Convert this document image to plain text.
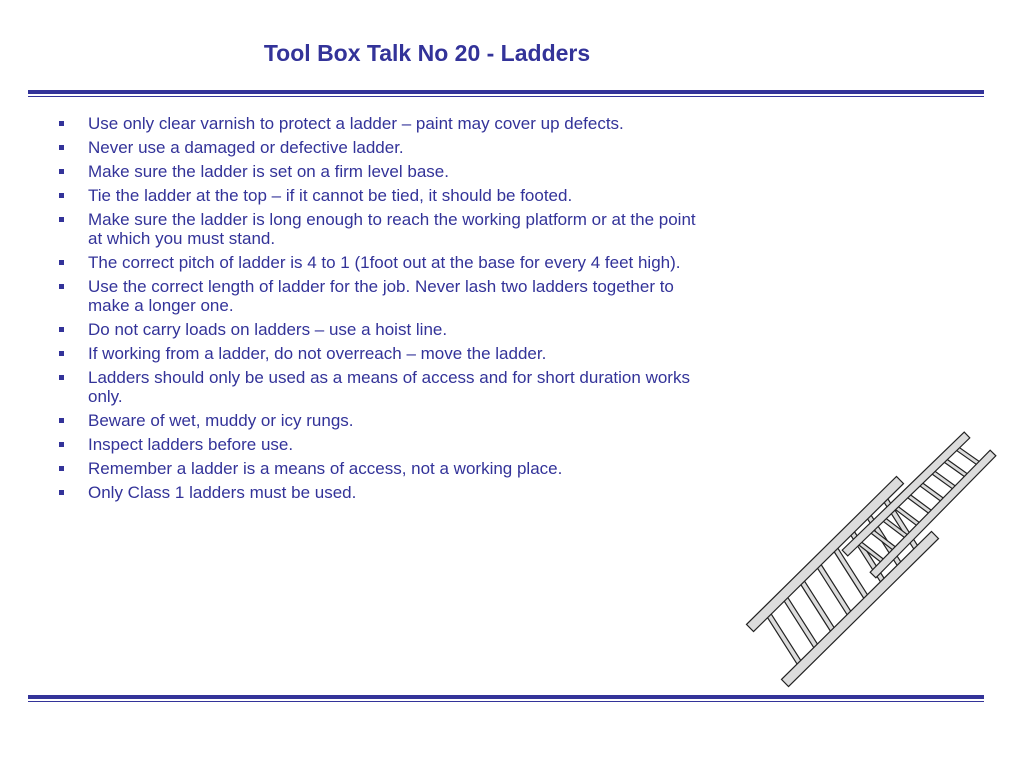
Tool Box Talk No 20 - Ladders
Use only clear varnish to protect a ladder – paint may cover up defects.
Never use a damaged or defective ladder.
Make sure the ladder is set on a firm level base.
Tie the ladder at the top – if it cannot be tied, it should be footed.
Make sure the ladder is long enough to reach the working platform or at the point at which you must stand.
The correct pitch of ladder is 4 to 1 (1foot out at the base for every 4 feet high).
Use the correct length of ladder for the job. Never lash two ladders together to make a longer one.
Do not carry loads on ladders – use a hoist line.
If working from a ladder, do not overreach – move the ladder.
Ladders should only be used as a means of access and for short duration works only.
Beware of wet, muddy or icy rungs.
Inspect ladders before use.
Remember a ladder is a means of access, not a working place.
Only Class 1 ladders must be used.
